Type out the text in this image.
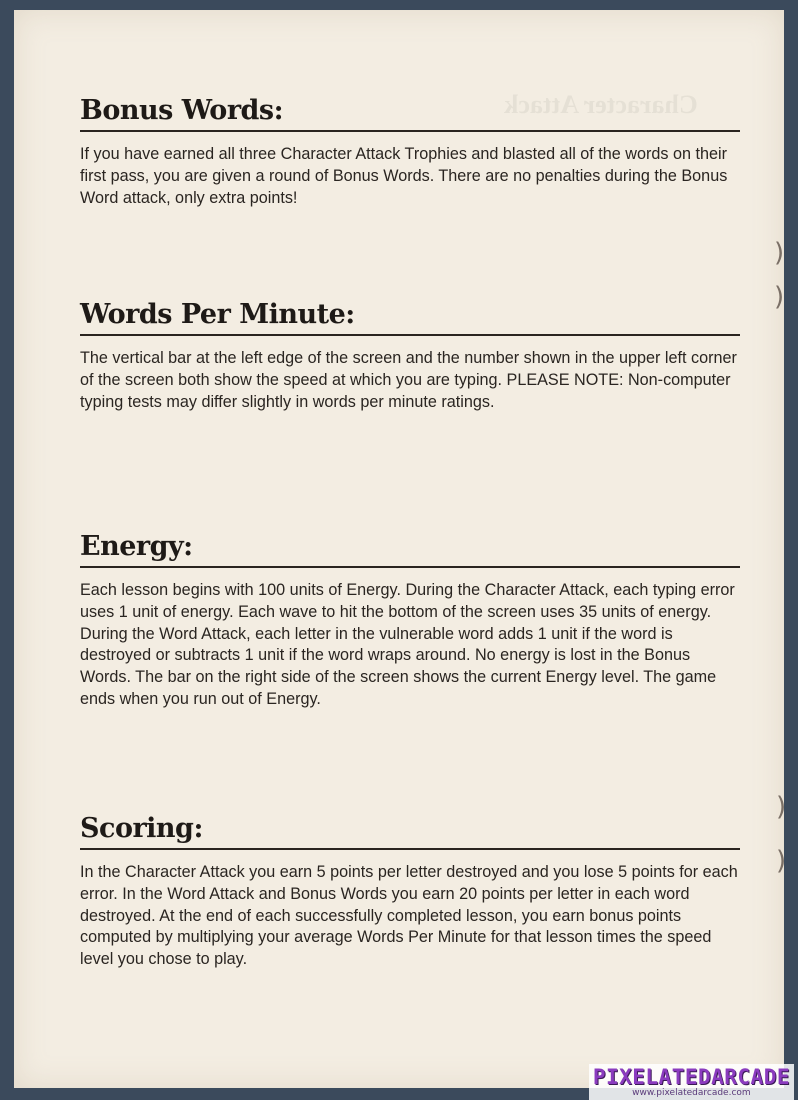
Character Attack
)
)
)
)
Bonus Words:

If you have earned all three Character Attack Trophies and blasted all of the words on their first pass, you are given a round of Bonus Words. There are no penalties during the Bonus Word attack, only extra points!

Words Per Minute:

The vertical bar at the left edge of the screen and the number shown in the upper left corner of the screen both show the speed at which you are typing. PLEASE NOTE: Non-computer typing tests may differ slightly in words per minute ratings.

Energy:

Each lesson begins with 100 units of Energy. During the Character Attack, each typing error uses 1 unit of energy. Each wave to hit the bottom of the screen uses 35 units of energy. During the Word Attack, each letter in the vulnerable word adds 1 unit if the word is destroyed or subtracts 1 unit if the word wraps around. No energy is lost in the Bonus Words. The bar on the right side of the screen shows the current Energy level. The game ends when you run out of Energy.

Scoring:

In the Character Attack you earn 5 points per letter destroyed and you lose 5 points for each error. In the Word Attack and Bonus Words you earn 20 points per letter in each word destroyed. At the end of each successfully completed lesson, you earn bonus points computed by multiplying your average Words Per Minute for that lesson times the speed level you chose to play.

PIXELATEDARCADE
www.pixelatedarcade.com
